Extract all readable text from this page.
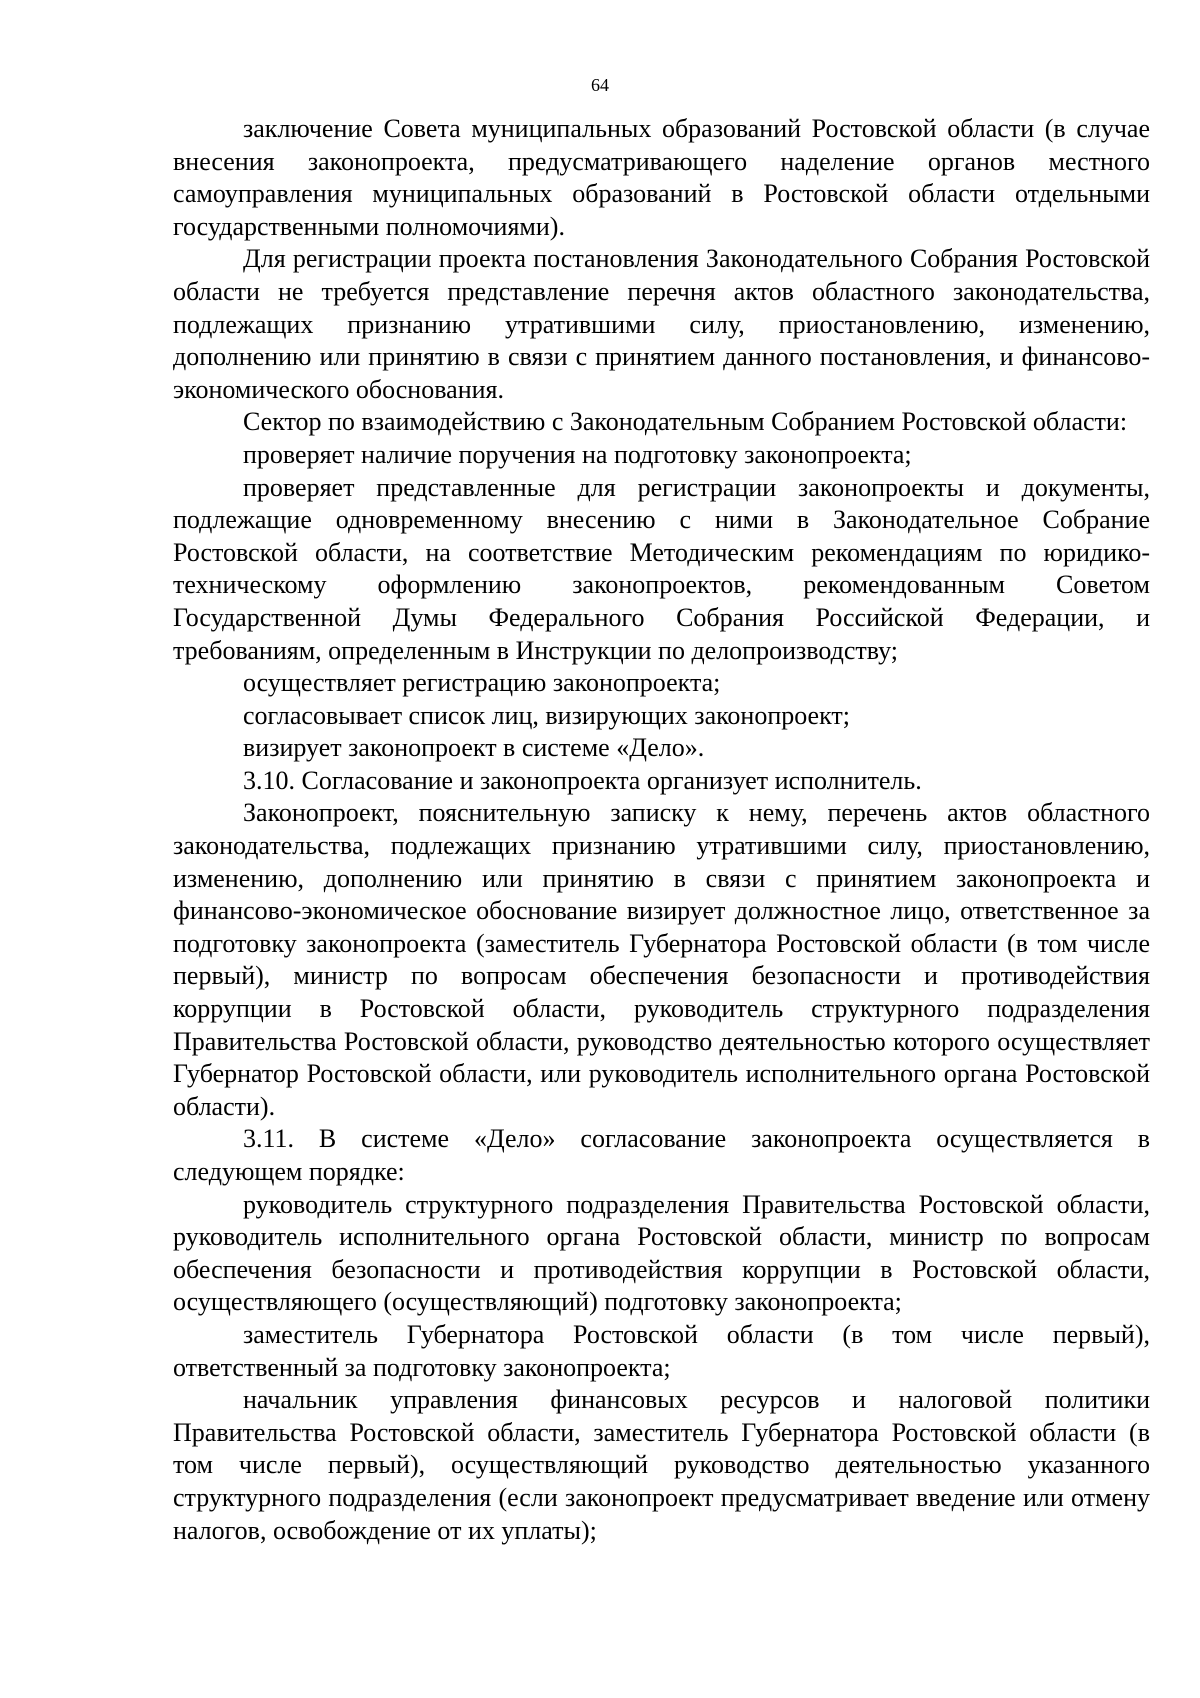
64

заключение Совета муниципальных образований Ростовской области (в случае внесения законопроекта, предусматривающего наделение органов местного самоуправления муниципальных образований в Ростовской области отдельными государственными полномочиями).

Для регистрации проекта постановления Законодательного Собрания Ростовской области не требуется представление перечня актов областного законодательства, подлежащих признанию утратившими силу, приостановлению, изменению, дополнению или принятию в связи с принятием данного постановления, и финансово-экономического обоснования.

Сектор по взаимодействию с Законодательным Собранием Ростовской области:

проверяет наличие поручения на подготовку законопроекта;

проверяет представленные для регистрации законопроекты и документы, подлежащие одновременному внесению с ними в Законодательное Собрание Ростовской области, на соответствие Методическим рекомендациям по юридико-техническому оформлению законопроектов, рекомендованным Советом Государственной Думы Федерального Собрания Российской Федерации, и требованиям, определенным в Инструкции по делопроизводству;

осуществляет регистрацию законопроекта;

согласовывает список лиц, визирующих законопроект;

визирует законопроект в системе «Дело».

3.10. Согласование и законопроекта организует исполнитель.

Законопроект, пояснительную записку к нему, перечень актов областного законодательства, подлежащих признанию утратившими силу, приостановлению, изменению, дополнению или принятию в связи с принятием законопроекта и финансово-экономическое обоснование визирует должностное лицо, ответственное за подготовку законопроекта (заместитель Губернатора Ростовской области (в том числе первый), министр по вопросам обеспечения безопасности и противодействия коррупции в Ростовской области, руководитель структурного подразделения Правительства Ростовской области, руководство деятельностью которого осуществляет Губернатор Ростовской области, или руководитель исполнительного органа Ростовской области).

3.11. В системе «Дело» согласование законопроекта осуществляется в следующем порядке:

руководитель структурного подразделения Правительства Ростовской области, руководитель исполнительного органа Ростовской области, министр по вопросам обеспечения безопасности и противодействия коррупции в Ростовской области, осуществляющего (осуществляющий) подготовку законопроекта;

заместитель Губернатора Ростовской области (в том числе первый), ответственный за подготовку законопроекта;

начальник управления финансовых ресурсов и налоговой политики Правительства Ростовской области, заместитель Губернатора Ростовской области (в том числе первый), осуществляющий руководство деятельностью указанного структурного подразделения (если законопроект предусматривает введение или отмену налогов, освобождение от их уплаты);
